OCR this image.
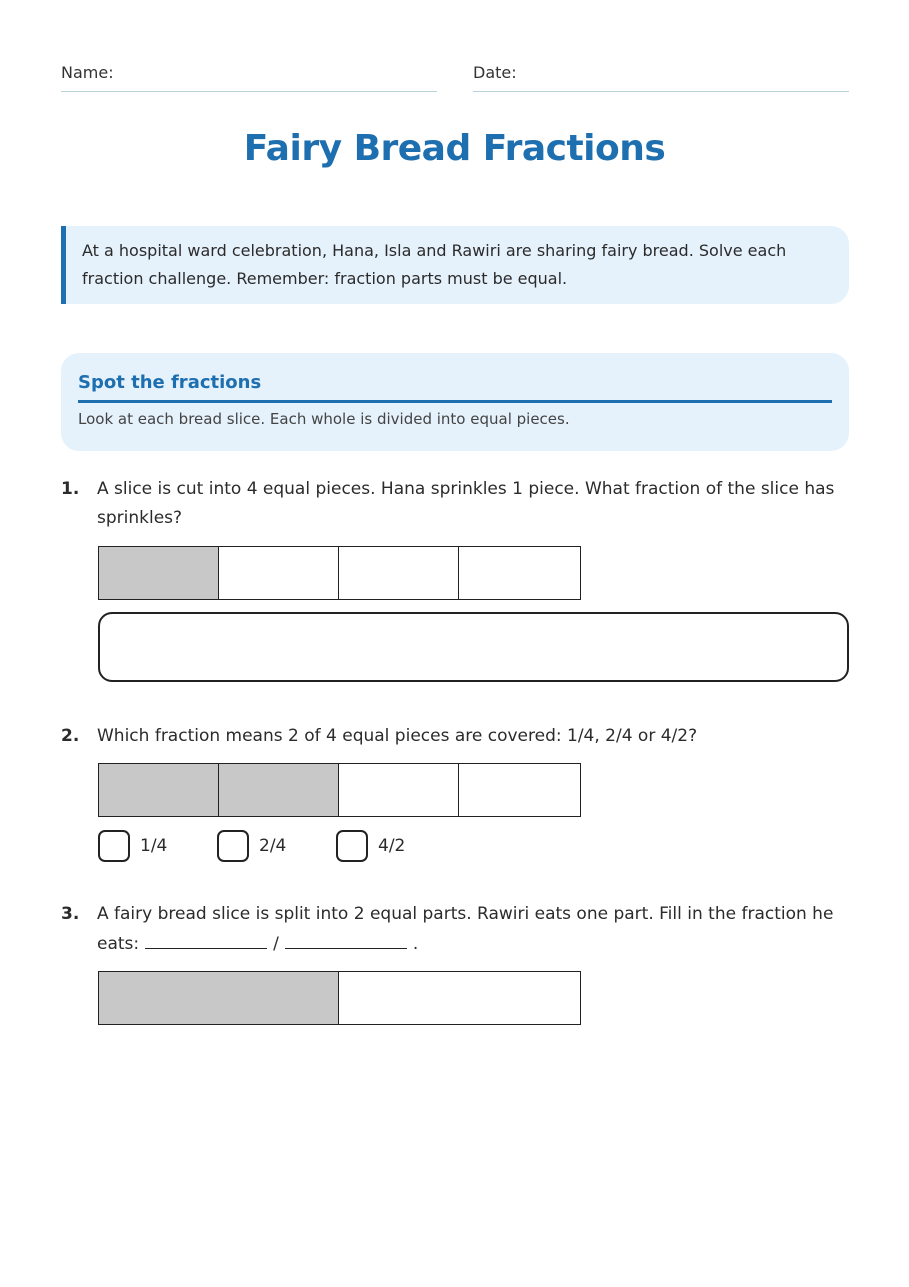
Name:	Date:
Fairy Bread Fractions
At a hospital ward celebration, Hana, Isla and Rawiri are sharing fairy bread. Solve each fraction challenge. Remember: fraction parts must be equal.
Spot the fractions
Look at each bread slice. Each whole is divided into equal pieces.
1. A slice is cut into 4 equal pieces. Hana sprinkles 1 piece. What fraction of the slice has sprinkles?
2. Which fraction means 2 of 4 equal pieces are covered: 1/4, 2/4 or 4/2?
1/4	2/4	4/2
3. A fairy bread slice is split into 2 equal parts. Rawiri eats one part. Fill in the fraction he eats:	/	.
